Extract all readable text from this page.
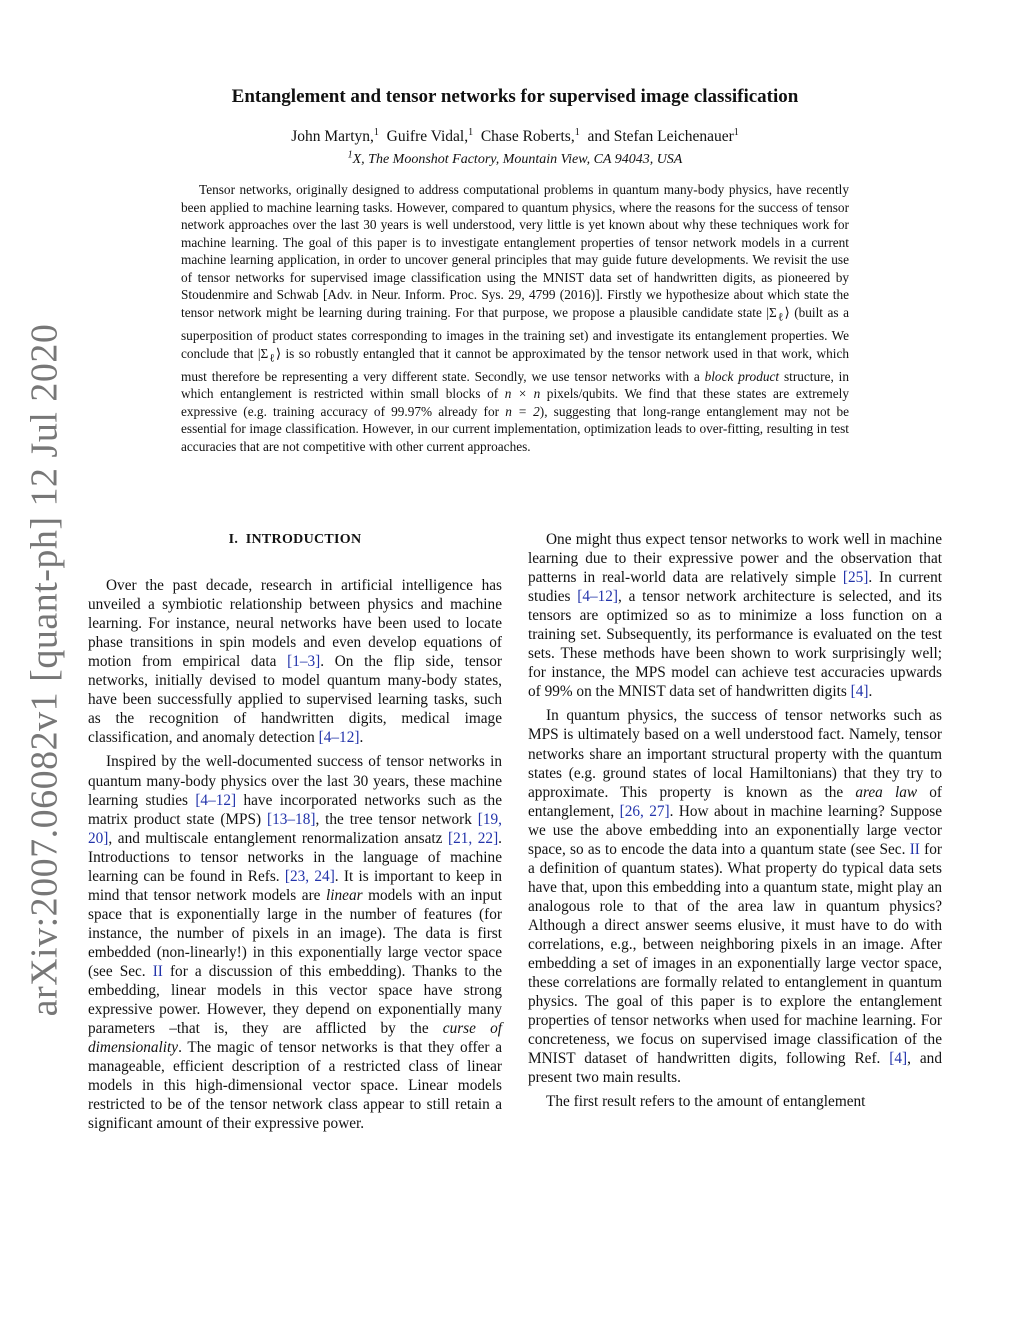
arXiv:2007.06082v1 [quant-ph] 12 Jul 2020
Entanglement and tensor networks for supervised image classification
John Martyn,$^1$ Guifre Vidal,$^1$ Chase Roberts,$^1$ and Stefan Leichenauer$^1$
$^1$X, The Moonshot Factory, Mountain View, CA 94043, USA

Tensor networks, originally designed to address computational problems in quantum many-body physics, have recently been applied to machine learning tasks. However, compared to quantum physics, where the reasons for the success of tensor network approaches over the last 30 years is well understood, very little is yet known about why these techniques work for machine learning. The goal of this paper is to investigate entanglement properties of tensor network models in a current machine learning application, in order to uncover general principles that may guide future developments. We revisit the use of tensor networks for supervised image classification using the MNIST data set of handwritten digits, as pioneered by Stoudenmire and Schwab [Adv. in Neur. Inform. Proc. Sys. 29, 4799 (2016)]. Firstly we hypothesize about which state the tensor network might be learning during training. For that purpose, we propose a plausible candidate state $|\Sigma_\ell⟩$ (built as a superposition of product states corresponding to images in the training set) and investigate its entanglement properties. We conclude that $|\Sigma_\ell⟩$ is so robustly entangled that it cannot be approximated by the tensor network used in that work, which must therefore be representing a very different state. Secondly, we use tensor networks with a block product structure, in which entanglement is restricted within small blocks of n × n pixels/qubits. We find that these states are extremely expressive (e.g. training accuracy of 99.97% already for n = 2), suggesting that long-range entanglement may not be essential for image classification. However, in our current implementation, optimization leads to over-fitting, resulting in test accuracies that are not competitive with other current approaches.

I. INTRODUCTION

Over the past decade, research in artificial intelligence has unveiled a symbiotic relationship between physics and machine learning. For instance, neural networks have been used to locate phase transitions in spin models and even develop equations of motion from empirical data [1–3]. On the flip side, tensor networks, initially devised to model quantum many-body states, have been successfully applied to supervised learning tasks, such as the recognition of handwritten digits, medical image classification, and anomaly detection [4–12].

Inspired by the well-documented success of tensor networks in quantum many-body physics over the last 30 years, these machine learning studies [4–12] have incorporated networks such as the matrix product state (MPS) [13–18], the tree tensor network [19, 20], and multiscale entanglement renormalization ansatz [21, 22]. Introductions to tensor networks in the language of machine learning can be found in Refs. [23, 24]. It is important to keep in mind that tensor network models are linear models with an input space that is exponentially large in the number of features (for instance, the number of pixels in an image). The data is first embedded (non-linearly!) in this exponentially large vector space (see Sec. II for a discussion of this embedding). Thanks to the embedding, linear models in this vector space have strong expressive power. However, they depend on exponentially many parameters –that is, they are afflicted by the curse of dimensionality. The magic of tensor networks is that they offer a manageable, efficient description of a restricted class of linear models in this high-dimensional vector space. Linear models restricted to be of the tensor network class appear to still retain a significant amount of their expressive power.

One might thus expect tensor networks to work well in machine learning due to their expressive power and the observation that patterns in real-world data are relatively simple [25]. In current studies [4–12], a tensor network architecture is selected, and its tensors are optimized so as to minimize a loss function on a training set. Subsequently, its performance is evaluated on the test sets. These methods have been shown to work surprisingly well; for instance, the MPS model can achieve test accuracies upwards of 99% on the MNIST data set of handwritten digits [4].

In quantum physics, the success of tensor networks such as MPS is ultimately based on a well understood fact. Namely, tensor networks share an important structural property with the quantum states (e.g. ground states of local Hamiltonians) that they try to approximate. This property is known as the area law of entanglement, [26, 27]. How about in machine learning? Suppose we use the above embedding into an exponentially large vector space, so as to encode the data into a quantum state (see Sec. II for a definition of quantum states). What property do typical data sets have that, upon this embedding into a quantum state, might play an analogous role to that of the area law in quantum physics? Although a direct answer seems elusive, it must have to do with correlations, e.g., between neighboring pixels in an image. After embedding a set of images in an exponentially large vector space, these correlations are formally related to entanglement in quantum physics. The goal of this paper is to explore the entanglement properties of tensor networks when used for machine learning. For concreteness, we focus on supervised image classification of the MNIST dataset of handwritten digits, following Ref. [4], and present two main results.

The first result refers to the amount of entanglement
